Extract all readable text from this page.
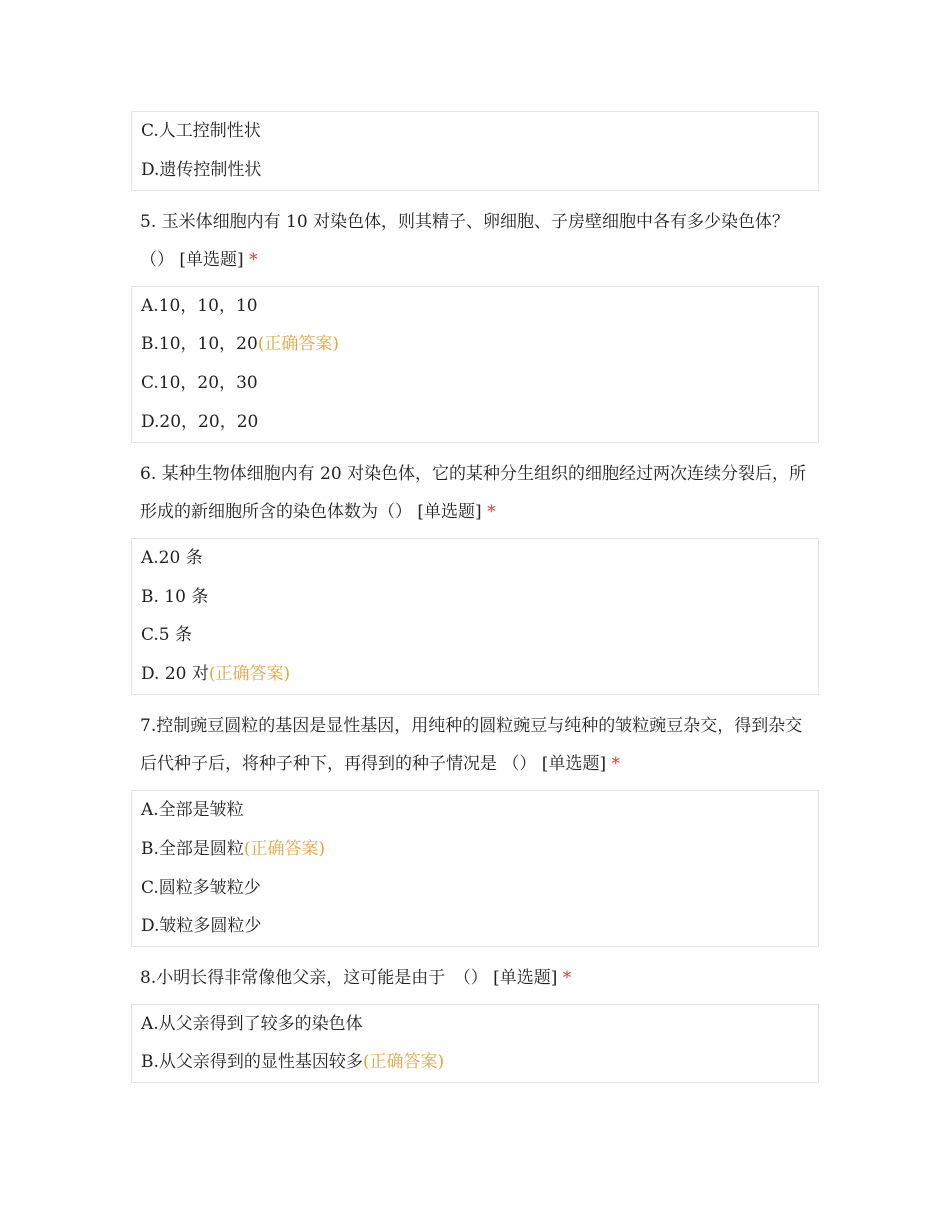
C.人工控制性状
D.遗传控制性状
5. 玉米体细胞内有 10 对染色体，则其精子、卵细胞、子房壁细胞中各有多少染色体？ （） [单选题] *
A.10，10，10
B.10，10，20(正确答案)
C.10，20，30
D.20，20，20
6. 某种生物体细胞内有 20 对染色体，它的某种分生组织的细胞经过两次连续分裂后，所形成的新细胞所含的染色体数为（） [单选题] *
A.20 条
B. 10 条
C.5 条
D. 20 对(正确答案)
7.控制豌豆圆粒的基因是显性基因，用纯种的圆粒豌豆与纯种的皱粒豌豆杂交，得到杂交后代种子后，将种子种下，再得到的种子情况是 （） [单选题] *
A.全部是皱粒
B.全部是圆粒(正确答案)
C.圆粒多皱粒少
D.皱粒多圆粒少
8.小明长得非常像他父亲，这可能是由于　（） [单选题] *
A.从父亲得到了较多的染色体
B.从父亲得到的显性基因较多(正确答案)
